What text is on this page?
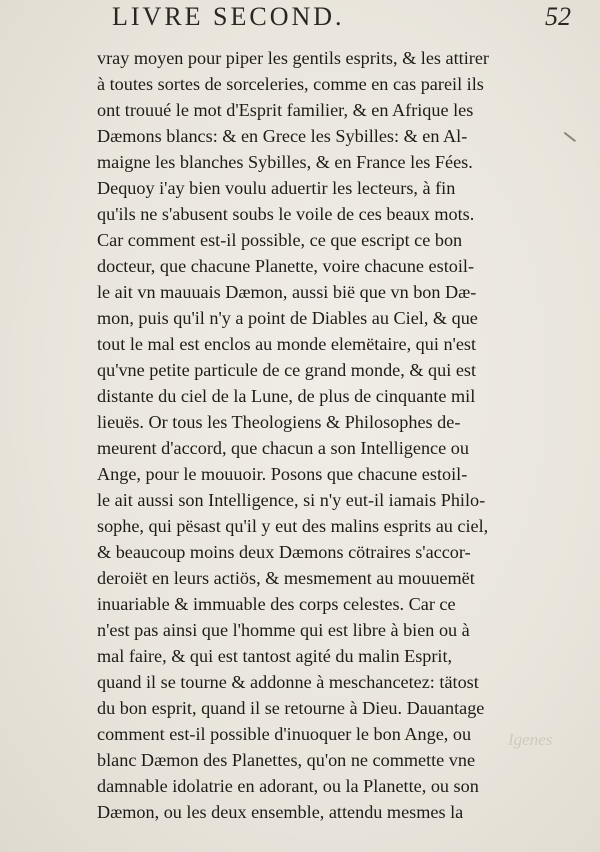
LIVRE SECOND.	52
vray moyen pour piper les gentils esprits, & les attirer
à toutes sortes de sorceleries, comme en cas pareil ils
ont trouué le mot d'Esprit familier, & en Afrique les
Dæmons blancs: & en Grece les Sybilles: & en Al-
maigne les blanches Sybilles, & en France les Fées.
Dequoy i'ay bien voulu aduertir les lecteurs, à fin
qu'ils ne s'abusent soubs le voile de ces beaux mots.
Car comment est-il possible, ce que escript ce bon
docteur, que chacune Planette, voire chacune estoil-
le ait vn mauuais Dæmon, aussi bië que vn bon Dæ-
mon, puis qu'il n'y a point de Diables au Ciel, & que
tout le mal est enclos au monde elemëtaire, qui n'est
qu'vne petite particule de ce grand monde, & qui est
distante du ciel de la Lune, de plus de cinquante mil
lieuës. Or tous les Theologiens & Philosophes de-
meurent d'accord, que chacun a son Intelligence ou
Ange, pour le mouuoir. Posons que chacune estoil-
le ait aussi son Intelligence, si n'y eut-il iamais Philo-
sophe, qui pësast qu'il y eut des malins esprits au ciel,
& beaucoup moins deux Dæmons cötraires s'accor-
deroiët en leurs actiös, & mesmement au mouuemët
inuariable & immuable des corps celestes. Car ce
n'est pas ainsi que l'homme qui est libre à bien ou à
mal faire, & qui est tantost agité du malin Esprit,
quand il se tourne & addonne à meschancetez: tätost
du bon esprit, quand il se retourne à Dieu. Dauantage
comment est-il possible d'inuoquer le bon Ange, ou
blanc Dæmon des Planettes, qu'on ne commette vne
damnable idolatrie en adorant, ou la Planette, ou son
Dæmon, ou les deux ensemble, attendu mesmes la
Igenes
